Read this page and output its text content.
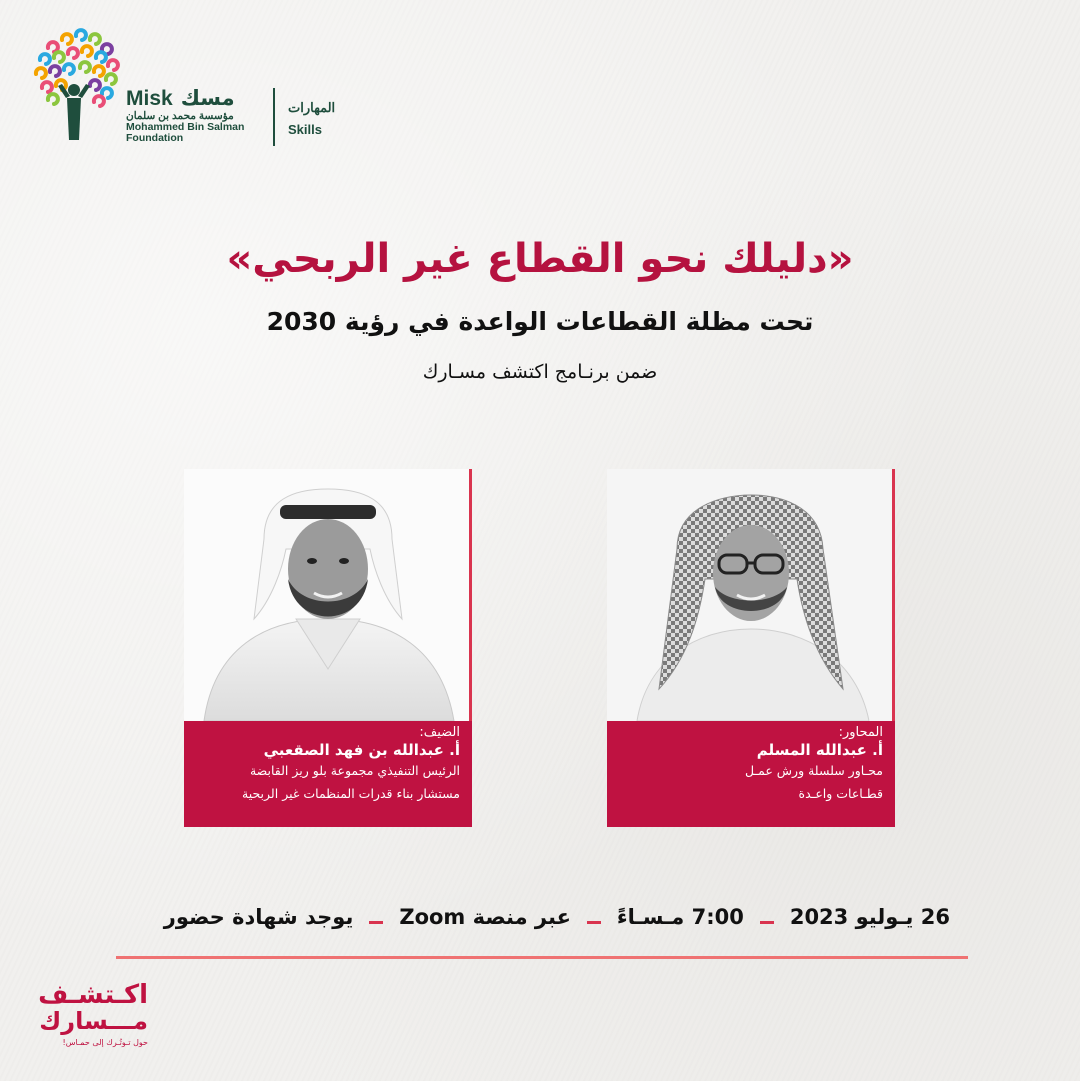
Misk مسك
مؤسسة محمد بن سلمان
Mohammed Bin Salman
Foundation
المهارات
Skills
«دليلك نحو القطاع غير الربحي»
تحت مظلة القطاعات الواعدة في رؤية 2030
ضمن برنـامج اكتشف مسـارك
الضيف:
أ. عبدالله بن فهد الصقعبي
الرئيس التنفيذي مجموعة بلو ريز القابضة
مستشار بناء قدرات المنظمات غير الربحية
المحاور:
أ. عبدالله المسلم
محـاور سلسلة ورش عمـل
قطـاعات واعـدة
26 يـوليو 2023
7:00 مـسـاءً
عبر منصة Zoom
يوجد شهادة حضور
اكـتشـف
مـــسارك
حول تـوتُـرك إلى حمـاس!
